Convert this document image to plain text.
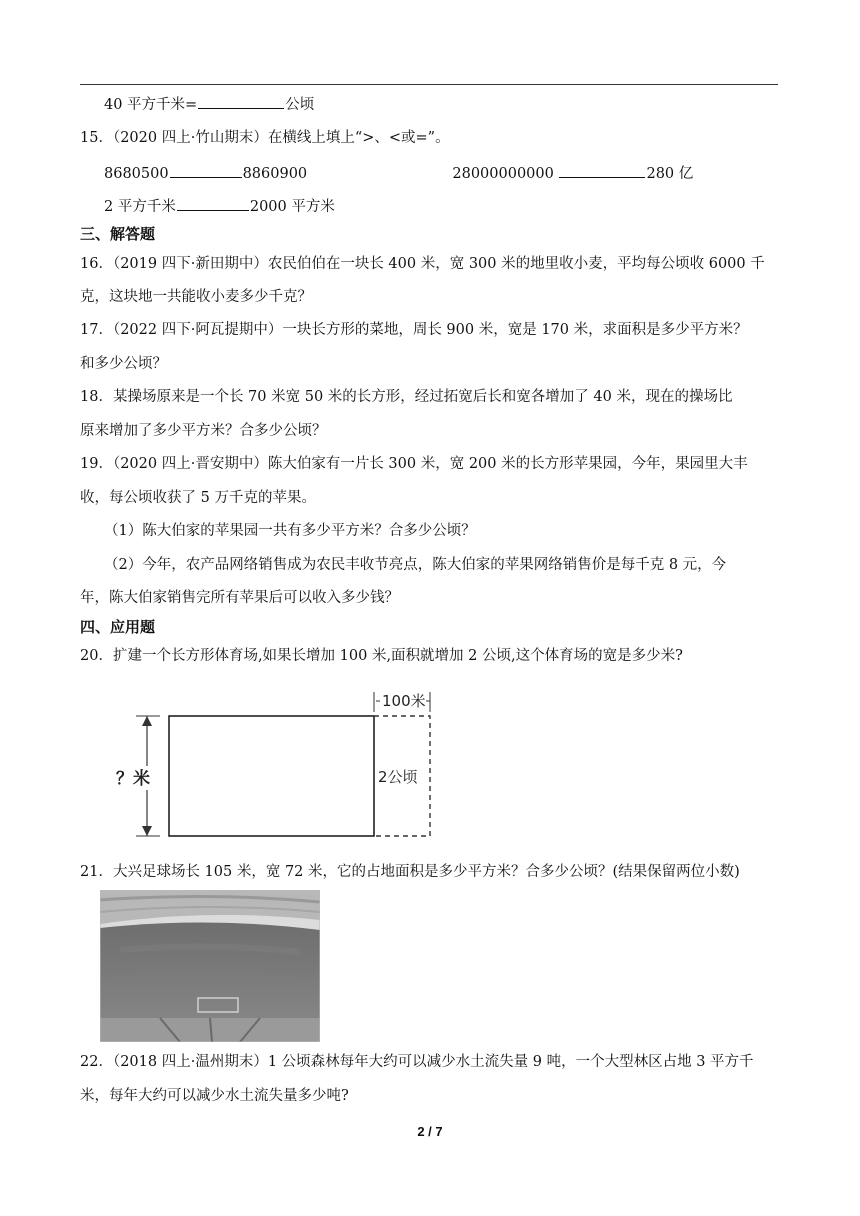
40 平方千米=	公顷
15．（2020 四上·竹山期末）在横线上填上“>、<或=”。
8680500	8860900	28000000000	280 亿
2 平方千米	2000 平方米
三、解答题
16．（2019 四下·新田期中）农民伯伯在一块长 400 米，宽 300 米的地里收小麦，平均每公顷收 6000 千
克，这块地一共能收小麦多少千克？
17．（2022 四下·阿瓦提期中）一块长方形的菜地，周长 900 米，宽是 170 米，求面积是多少平方米？
和多少公顷？
18．某操场原来是一个长 70 米宽 50 米的长方形，经过拓宽后长和宽各增加了 40 米，现在的操场比
原来增加了多少平方米？合多少公顷？
19．（2020 四上·晋安期中）陈大伯家有一片长 300 米，宽 200 米的长方形苹果园，今年，果园里大丰
收，每公顷收获了 5 万千克的苹果。
（1）陈大伯家的苹果园一共有多少平方米？合多少公顷？
（2）今年，农产品网络销售成为农民丰收节亮点，陈大伯家的苹果网络销售价是每千克 8 元，今
年，陈大伯家销售完所有苹果后可以收入多少钱？
四、应用题
20．扩建一个长方形体育场,如果长增加 100 米,面积就增加 2 公顷,这个体育场的宽是多少米?
100米
？米	2公顷
21．大兴足球场长 105 米，宽 72 米，它的占地面积是多少平方米？合多少公顷？(结果保留两位小数)
22．（2018 四上·温州期末）1 公顷森林每年大约可以减少水土流失量 9 吨，一个大型林区占地 3 平方千
米，每年大约可以减少水土流失量多少吨?
2 / 7
